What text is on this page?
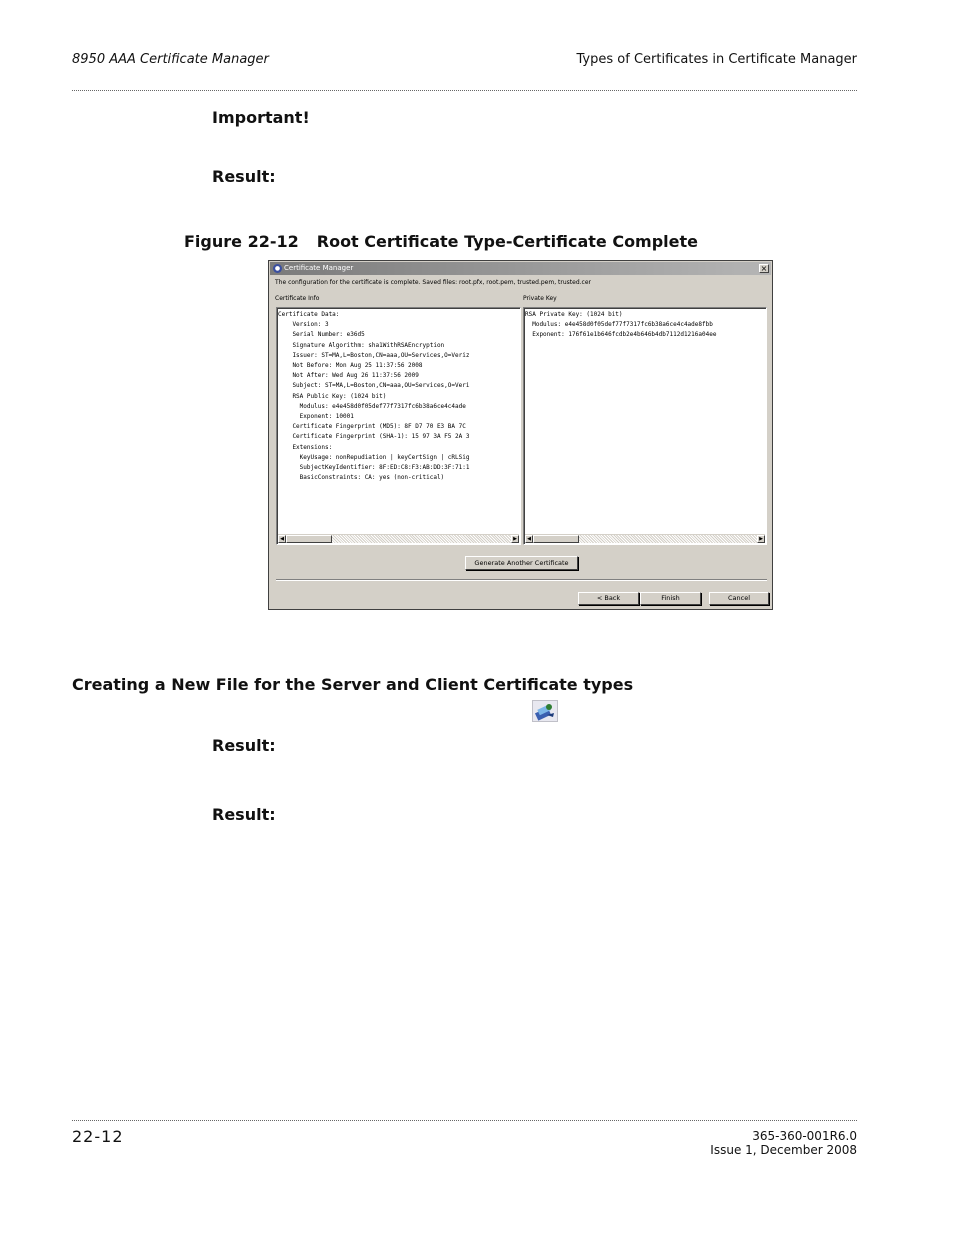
8950 AAA Certificate Manager	Types of Certificates in Certificate Manager
Important!
Result:
Figure 22-12 Root Certificate Type-Certificate Complete
● Certificate Manager	×
The configuration for the certificate is complete. Saved files: root.pfx, root.pem, trusted.pem, trusted.cer
Certificate Info	Private Key
Certificate Data:
Version: 3
Serial Number: e36d5
Signature Algorithm: sha1WithRSAEncryption
Issuer: ST=MA,L=Boston,CN=aaa,OU=Services,O=Veriz
Not Before: Mon Aug 25 11:37:56 2008
Not After: Wed Aug 26 11:37:56 2009
Subject: ST=MA,L=Boston,CN=aaa,OU=Services,O=Veri
RSA Public Key: (1024 bit)
Modulus: e4e458d0f05def77f7317fc6b38a6ce4c4ade
Exponent: 10001
Certificate Fingerprint (MD5): 8F D7 70 E3 BA 7C
Certificate Fingerprint (SHA-1): 15 97 3A F5 2A 3
Extensions:
KeyUsage: nonRepudiation | keyCertSign | cRLSig
SubjectKeyIdentifier: 8F:ED:C8:F3:AB:DD:3F:71:1
BasicConstraints: CA: yes (non-critical)
◀	▶
RSA Private Key: (1024 bit)
Modulus: e4e458d0f05def77f7317fc6b38a6ce4c4ade8fbb
Exponent: 176f61e1b646fcdb2e4b646b4db7112d1216a04ee
◀	▶
Generate Another Certificate
< Back	Finish	Cancel
Creating a New File for the Server and Client Certificate types
Result:
Result:
22-12	365-360-001R6.0
Issue 1, December 2008
